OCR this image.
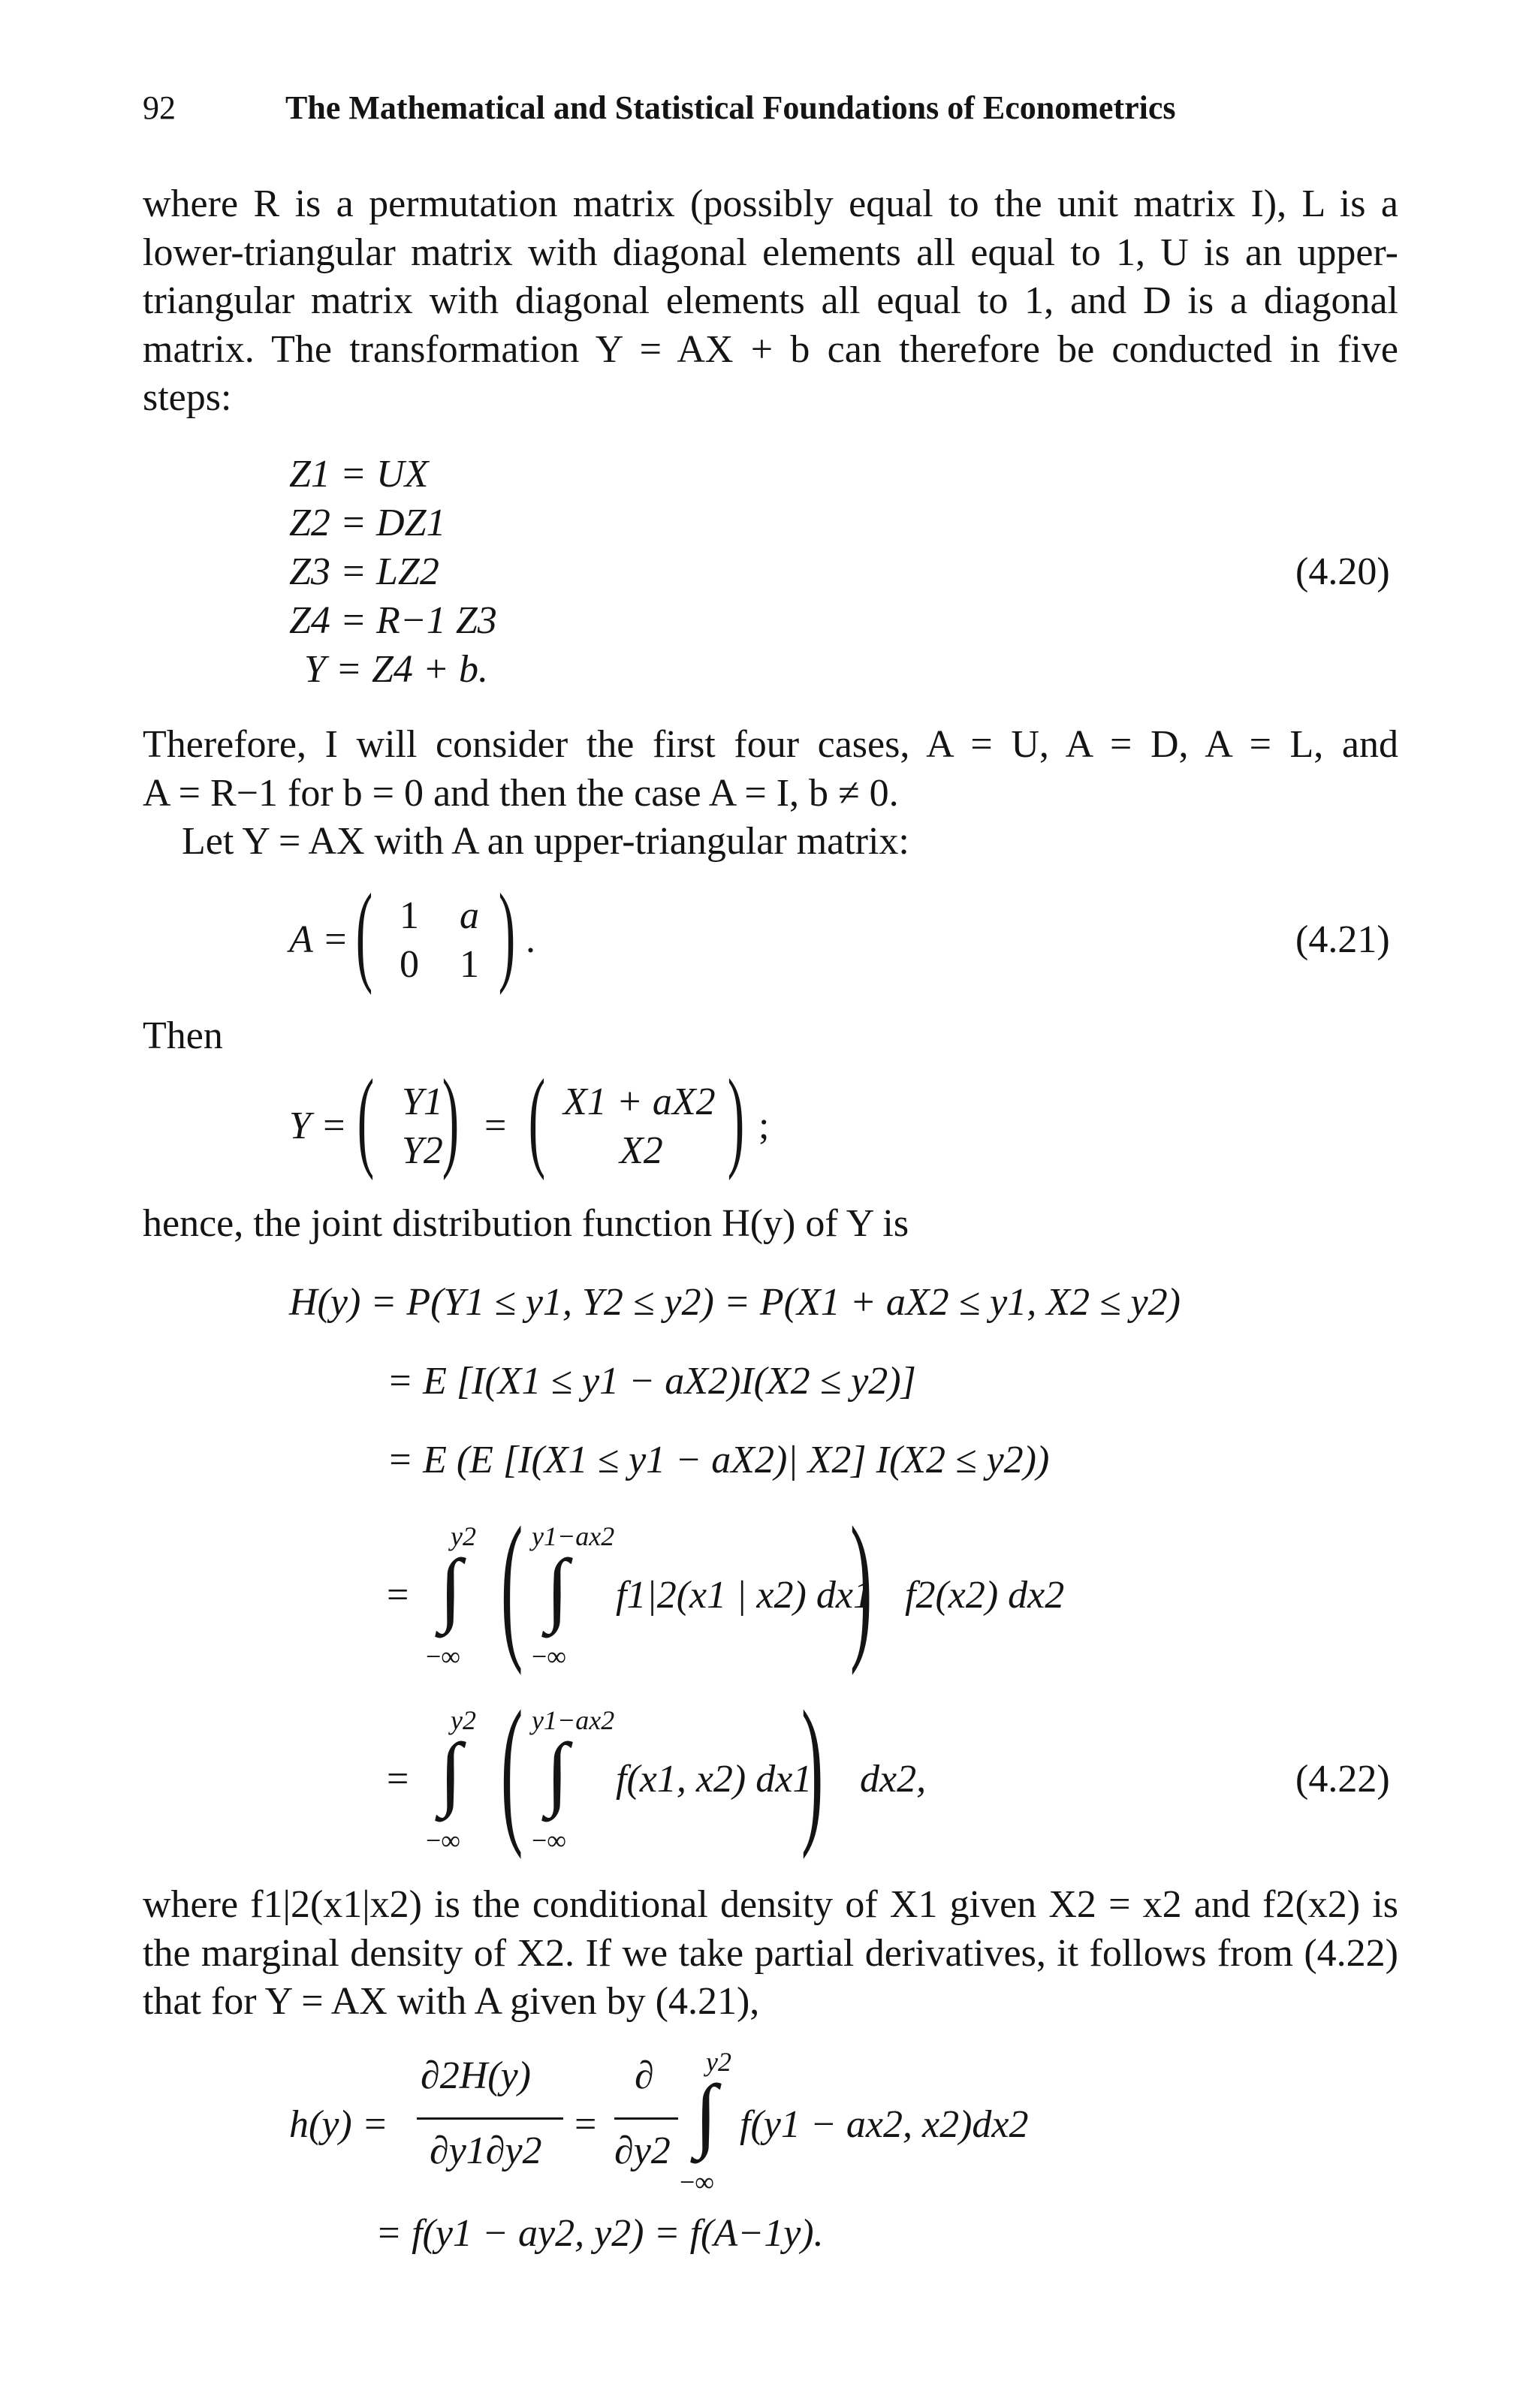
92	The Mathematical and Statistical Foundations of Econometrics
where R is a permutation matrix (possibly equal to the unit matrix I), L is a
lower-triangular matrix with diagonal elements all equal to 1, U is an upper-
triangular matrix with diagonal elements all equal to 1, and D is a diagonal
matrix. The transformation Y = AX + b can therefore be conducted in five
steps:
Z1 = UX
Z2 = DZ1
Z3 = LZ2
Z4 = R−1 Z3
Y = Z4 + b.
(4.20)
Therefore, I will consider the first four cases, A = U, A = D, A = L, and
A = R−1 for b = 0 and then the case A = I, b ≠ 0.
Let Y = AX with A an upper-triangular matrix:
A = ( 1 a
0 1 ) .	(4.21)
Then
Y = ( Y1
Y2
) = ( X1 + aX2
X2 ) ;
hence, the joint distribution function H(y) of Y is
H(y) = P(Y1 ≤ y1, Y2 ≤ y2) = P(X1 + aX2 ≤ y1, X2 ≤ y2)
= E [I(X1 ≤ y1 − aX2)I(X2 ≤ y2)]
= E (E [I(X1 ≤ y1 − aX2)| X2] I(X2 ≤ y2))
=
y2
∫
−∞ ( y1−ax2
∫
−∞
f1|2(x1 | x2) dx1
) f2(x2) dx2
=
y2
∫
−∞ ( y1−ax2
∫
−∞
f(x1, x2) dx1
) dx2,	(4.22)
where f1|2(x1|x2) is the conditional density of X1 given X2 = x2 and f2(x2) is
the marginal density of X2. If we take partial derivatives, it follows from (4.22)
that for Y = AX with A given by (4.21),
h(y) =
∂2H(y)
∂y1∂y2
=
∂
∂y2
y2
∫
−∞
f(y1 − ax2, x2)dx2
= f(y1 − ay2, y2) = f(A−1y).
